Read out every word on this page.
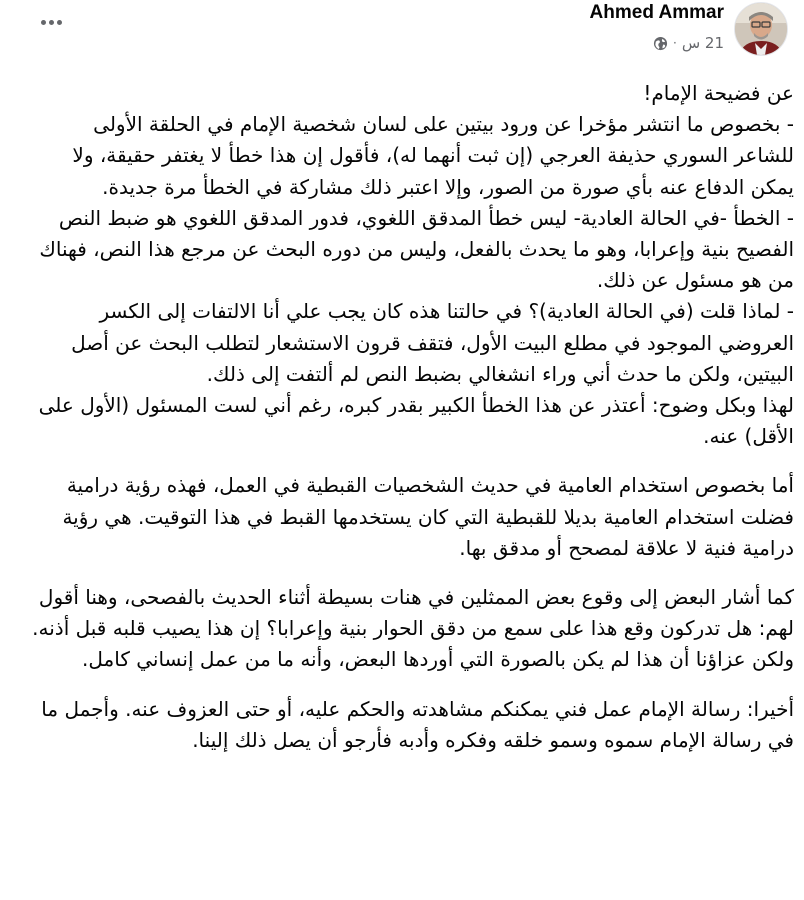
Ahmed Ammar
· 21 س

عن فضيحة الإمام!

- بخصوص ما انتشر مؤخرا عن ورود بيتين على لسان شخصية الإمام في الحلقة الأولى للشاعر السوري حذيفة العرجي (إن ثبت أنهما له)، فأقول إن هذا خطأ لا يغتفر حقيقة، ولا يمكن الدفاع عنه بأي صورة من الصور، وإلا اعتبر ذلك مشاركة في الخطأ مرة جديدة.

- الخطأ -في الحالة العادية- ليس خطأ المدقق اللغوي، فدور المدقق اللغوي هو ضبط النص الفصيح بنية وإعرابا، وهو ما يحدث بالفعل، وليس من دوره البحث عن مرجع هذا النص، فهناك من هو مسئول عن ذلك.

- لماذا قلت (في الحالة العادية)؟ في حالتنا هذه كان يجب علي أنا الالتفات إلى الكسر العروضي الموجود في مطلع البيت الأول، فتقف قرون الاستشعار لتطلب البحث عن أصل البيتين، ولكن ما حدث أني وراء انشغالي بضبط النص لم ألتفت إلى ذلك.

لهذا وبكل وضوح: أعتذر عن هذا الخطأ الكبير بقدر كبره، رغم أني لست المسئول (الأول على الأقل) عنه.

أما بخصوص استخدام العامية في حديث الشخصيات القبطية في العمل، فهذه رؤية درامية فضلت استخدام العامية بديلا للقبطية التي كان يستخدمها القبط في هذا التوقيت. هي رؤية درامية فنية لا علاقة لمصحح أو مدقق بها.

كما أشار البعض إلى وقوع بعض الممثلين في هنات بسيطة أثناء الحديث بالفصحى، وهنا أقول لهم: هل تدركون وقع هذا على سمع من دقق الحوار بنية وإعرابا؟ إن هذا يصيب قلبه قبل أذنه. ولكن عزاؤنا أن هذا لم يكن بالصورة التي أوردها البعض، وأنه ما من عمل إنساني كامل.

أخيرا: رسالة الإمام عمل فني يمكنكم مشاهدته والحكم عليه، أو حتى العزوف عنه. وأجمل ما في رسالة الإمام سموه وسمو خلقه وفكره وأدبه فأرجو أن يصل ذلك إلينا.
